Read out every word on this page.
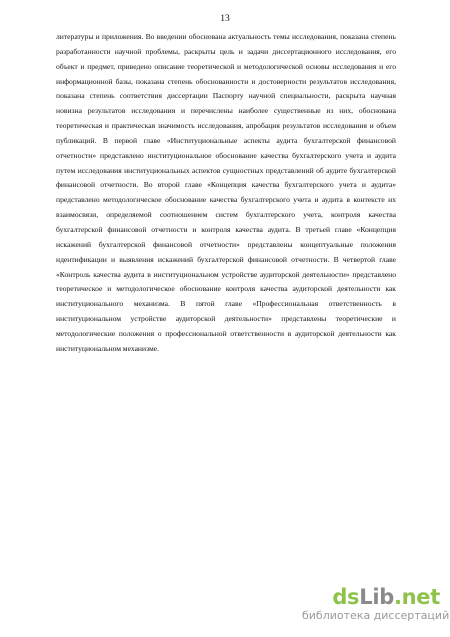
13

литературы и приложения. Во введении обоснована актуальность темы исследования, показана степень разработанности научной проблемы, раскрыты цель и задачи диссертационного исследования, его объект и предмет, приведено описание теоретической и методологической основы исследования и его информационной базы, показана степень обоснованности и достоверности результатов исследования, показана степень соответствия диссертации Паспорту научной специальности, раскрыта научная новизна результатов исследования и перечислены наиболее существенные из них, обоснована теоретическая и практическая значимость исследования, апробация результатов исследования и объем публикаций. В первой главе «Институциональные аспекты аудита бухгалтерской финансовой отчетности» представлено институциональное обоснование качества бухгалтерского учета и аудита путем исследования институциональных аспектов сущностных представлений об аудите бухгалтерской финансовой отчетности. Во второй главе «Концепция качества бухгалтерского учета и аудита» представлено методологическое обоснование качества бухгалтерского учета и аудита в контексте их взаимосвязи, определяемой соотношением систем бухгалтерского учета, контроля качества бухгалтерской финансовой отчетности и контроля качества аудита. В третьей главе «Концепция искажений бухгалтерской финансовой отчетности» представлены концептуальные положения идентификации и выявления искажений бухгалтерской финансовой отчетности. В четвертой главе «Контроль качества аудита в институциональном устройстве аудиторской деятельности» представлено теоретическое и методологическое обоснование контроля качества аудиторской деятельности как институционального механизма. В пятой главе «Профессиональная ответственность в институциональном устройстве аудиторской деятельности» представлены теоретические и методологические положения о профессиональной ответственности в аудиторской деятельности как институциональном механизме.

dsLib.net
библиотека диссертаций
